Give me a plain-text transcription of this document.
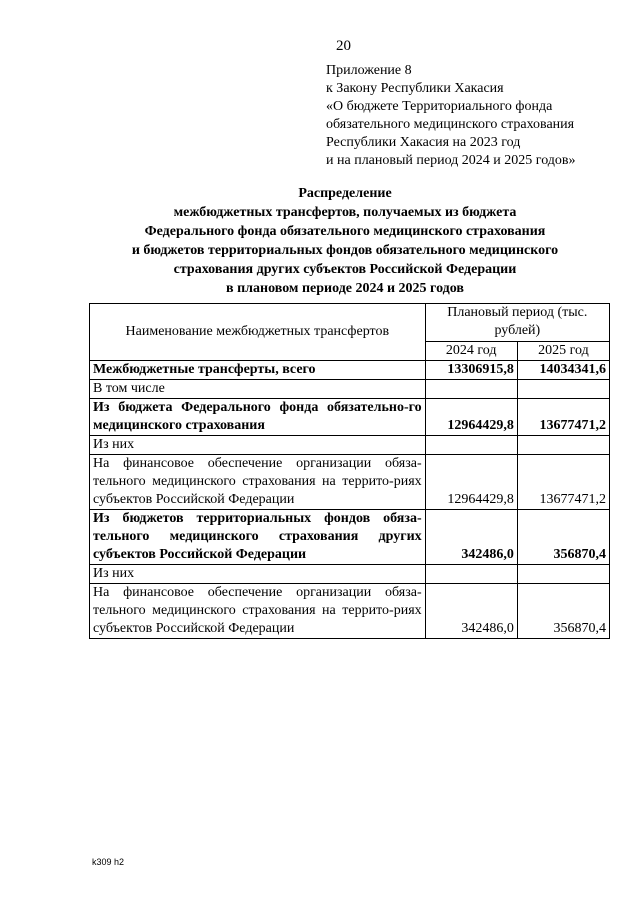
20
Приложение 8
к Закону Республики Хакасия
«О бюджете Территориального фонда
обязательного медицинского страхования
Республики Хакасия на 2023 год
и на плановый период 2024 и 2025 годов»
Распределение
межбюджетных трансфертов, получаемых из бюджета
Федерального фонда обязательного медицинского страхования
и бюджетов территориальных фондов обязательного медицинского
страхования других субъектов Российской Федерации
в плановом периоде 2024 и 2025 годов
Наименование межбюджетных трансфертов	Плановый период (тыс. рублей)	
	2024 год	2025 год
Межбюджетные трансферты, всего	13306915,8	14034341,6
В том числе		
Из бюджета Федерального фонда обязательно-го медицинского страхования	12964429,8	13677471,2
Из них		
На финансовое обеспечение организации обяза-тельного медицинского страхования на террито-риях субъектов Российской Федерации	12964429,8	13677471,2
Из бюджетов территориальных фондов обяза-тельного медицинского страхования других субъектов Российской Федерации	342486,0	356870,4
Из них		
На финансовое обеспечение организации обяза-тельного медицинского страхования на террито-риях субъектов Российской Федерации	342486,0	356870,4
k309 h2
